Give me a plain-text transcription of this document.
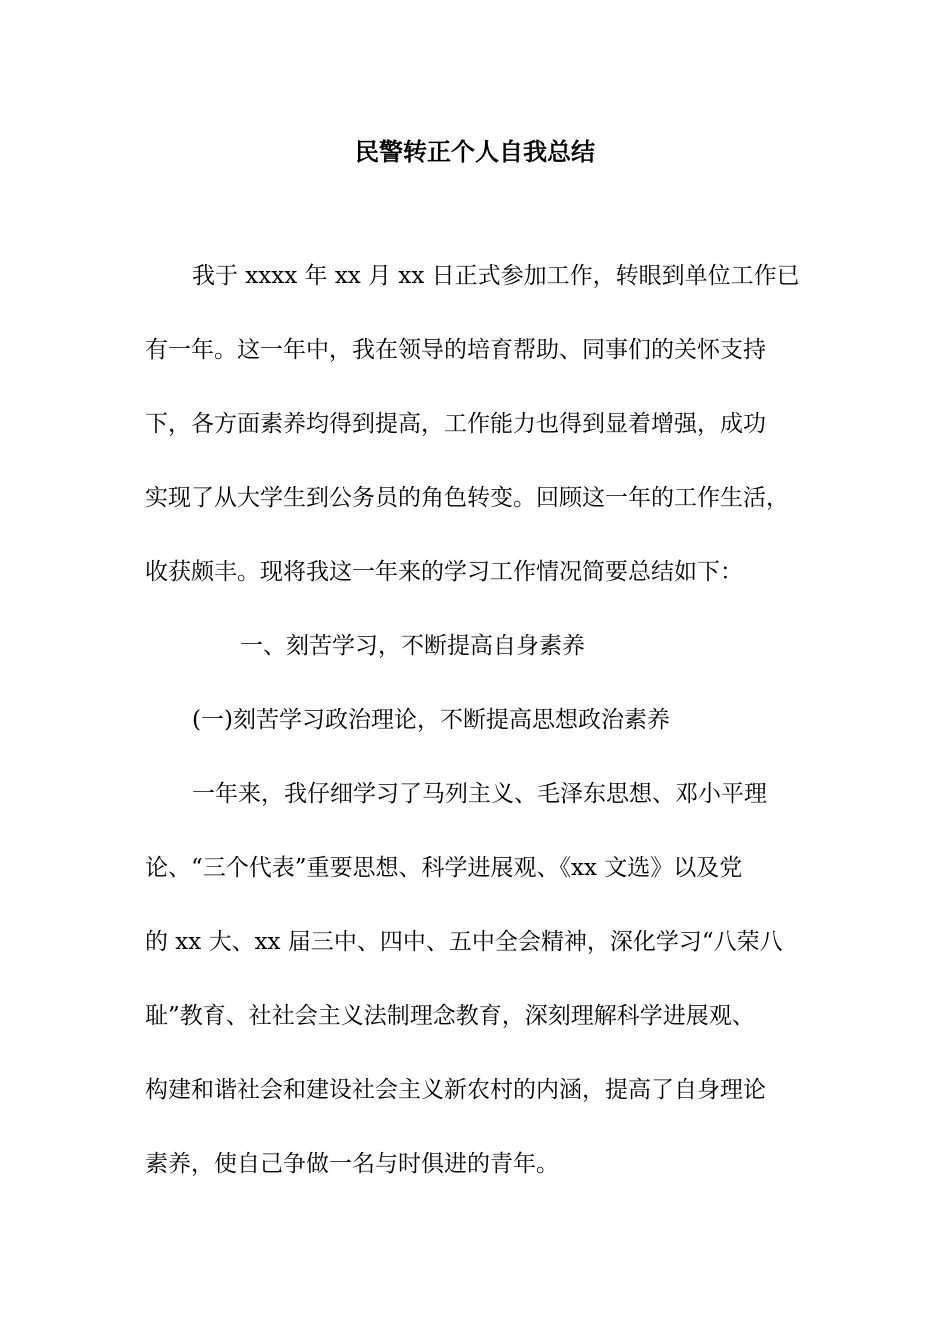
民警转正个人自我总结
我于 xxxx 年 xx 月 xx 日正式参加工作，转眼到单位工作已
有一年。这一年中，我在领导的培育帮助、同事们的关怀支持
下，各方面素养均得到提高，工作能力也得到显着增强，成功
实现了从大学生到公务员的角色转变。回顾这一年的工作生活，
收获颇丰。现将我这一年来的学习工作情况简要总结如下：
一、刻苦学习，不断提高自身素养
(一)刻苦学习政治理论，不断提高思想政治素养
一年来，我仔细学习了马列主义、毛泽东思想、邓小平理
论、“三个代表”重要思想、科学进展观、《xx 文选》以及党
的 xx 大、xx 届三中、四中、五中全会精神，深化学习“八荣八
耻”教育、社社会主义法制理念教育，深刻理解科学进展观、
构建和谐社会和建设社会主义新农村的内涵，提高了自身理论
素养，使自己争做一名与时俱进的青年。
